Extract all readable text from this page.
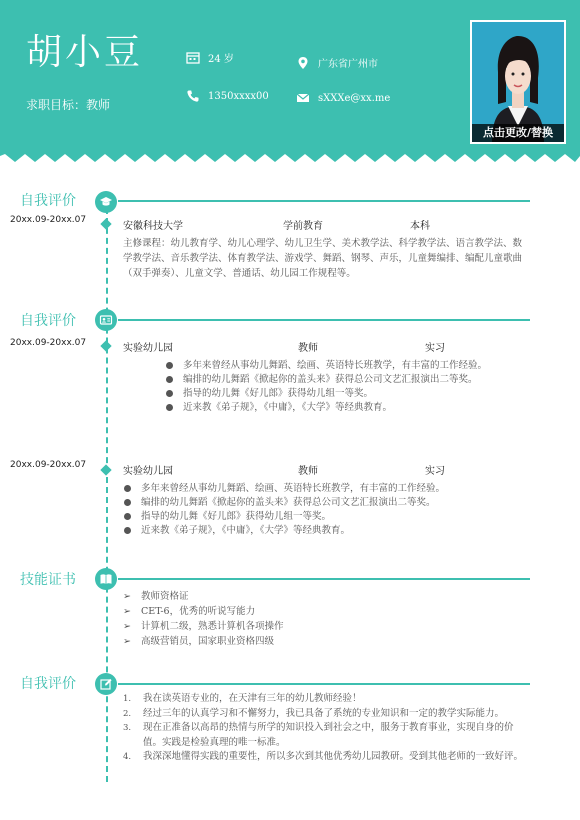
胡小豆
求职目标：教师
24 岁	广东省广州市
1350xxxx00	sXXXe@xx.me
点击更改/替换
自我评价
20xx.09-20xx.07
安徽科技大学	学前教育	本科

主修课程：幼儿教育学、幼儿心理学、幼儿卫生学、美术教学法、科学教学法、语言教学法、数学教学法、音乐教学法、体育教学法、游戏学、舞蹈、钢琴、声乐，儿童舞编排、编配儿童歌曲（双手弹奏）、儿童文学、普通话、幼儿园工作规程等。

自我评价
20xx.09-20xx.07	实验幼儿园	教师	实习
多年来曾经从事幼儿舞蹈、绘画、英语特长班教学，有丰富的工作经验。
编排的幼儿舞蹈《掀起你的盖头来》获得总公司文艺汇报演出二等奖。
指导的幼儿舞《好儿郎》获得幼儿组一等奖。
近来教《弟子规》，《中庸》，《大学》等经典教育。
20xx.09-20xx.07
实验幼儿园	教师	实习
多年来曾经从事幼儿舞蹈、绘画、英语特长班教学，有丰富的工作经验。
编排的幼儿舞蹈《掀起你的盖头来》获得总公司文艺汇报演出二等奖。
指导的幼儿舞《好儿郎》获得幼儿组一等奖。
近来教《弟子规》，《中庸》，《大学》等经典教育。
技能证书
➢ 教师资格证
➢ CET-6，优秀的听说写能力
➢ 计算机二级，熟悉计算机各项操作
➢ 高级营销员，国家职业资格四级
自我评价
1.	我在读英语专业的，在天津有三年的幼儿教师经验！
2.	经过三年的认真学习和不懈努力，我已具备了系统的专业知识和一定的教学实际能力。
3.	现在正准备以高昂的热情与所学的知识投入到社会之中，服务于教育事业，实现自身的价值。实践是检验真理的唯一标准。
4.	我深深地懂得实践的重要性，所以多次到其他优秀幼儿园教研。受到其他老师的一致好评。
